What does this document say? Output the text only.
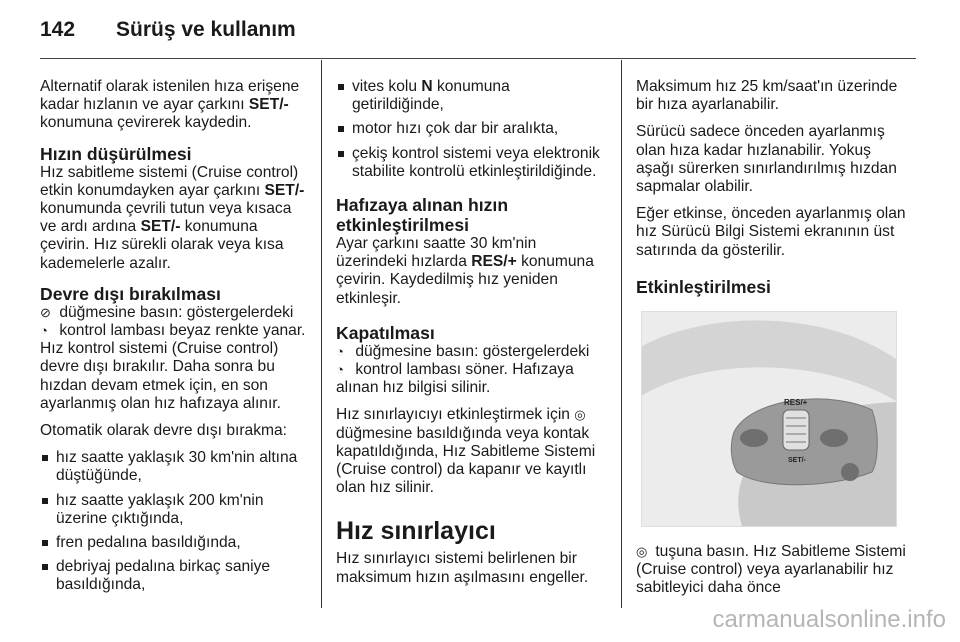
142 Sürüş ve kullanım

Alternatif olarak istenilen hıza erişene kadar hızlanın ve ayar çarkını SET/- konumuna çevirerek kaydedin.

Hızın düşürülmesi

Hız sabitleme sistemi (Cruise control) etkin konumdayken ayar çarkını SET/- konumunda çevrili tutun veya kısaca ve ardı ardına SET/- konumuna çevirin. Hız sürekli olarak veya kısa kademelerle azalır.

Devre dışı bırakılması

⊘ düğmesine basın: göstergelerdeki ◔ kontrol lambası beyaz renkte yanar. Hız kontrol sistemi (Cruise control) devre dışı bırakılır. Daha sonra bu hızdan devam etmek için, en son ayarlanmış olan hız hafızaya alınır.

Otomatik olarak devre dışı bırakma:

hız saatte yaklaşık 30 km'nin altına düştüğünde,
hız saatte yaklaşık 200 km'nin üzerine çıktığında,
fren pedalına basıldığında,
debriyaj pedalına birkaç saniye basıldığında,
vites kolu N konumuna getirildiğinde,
motor hızı çok dar bir aralıkta,
çekiş kontrol sistemi veya elektronik stabilite kontrolü etkinleştirildiğinde.
Hafızaya alınan hızın etkinleştirilmesi

Ayar çarkını saatte 30 km'nin üzerindeki hızlarda RES/+ konumuna çevirin. Kaydedilmiş hız yeniden etkinleşir.

Kapatılması

◔ düğmesine basın: göstergelerdeki ◔ kontrol lambası söner. Hafızaya alınan hız bilgisi silinir.

Hız sınırlayıcıyı etkinleştirmek için ◎ düğmesine basıldığında veya kontak kapatıldığında, Hız Sabitleme Sistemi (Cruise control) da kapanır ve kayıtlı olan hız silinir.

Hız sınırlayıcı

Hız sınırlayıcı sistemi belirlenen bir maksimum hızın aşılmasını engeller.

Maksimum hız 25 km/saat'ın üzerinde bir hıza ayarlanabilir.

Sürücü sadece önceden ayarlanmış olan hıza kadar hızlanabilir. Yokuş aşağı sürerken sınırlandırılmış hızdan sapmalar olabilir.

Eğer etkinse, önceden ayarlanmış olan hız Sürücü Bilgi Sistemi ekranının üst satırında da gösterilir.

Etkinleştirilmesi
RES/+
SET/-

◎ tuşuna basın. Hız Sabitleme Sistemi (Cruise control) veya ayarlanabilir hız sabitleyici daha önce

carmanualsonline.info
